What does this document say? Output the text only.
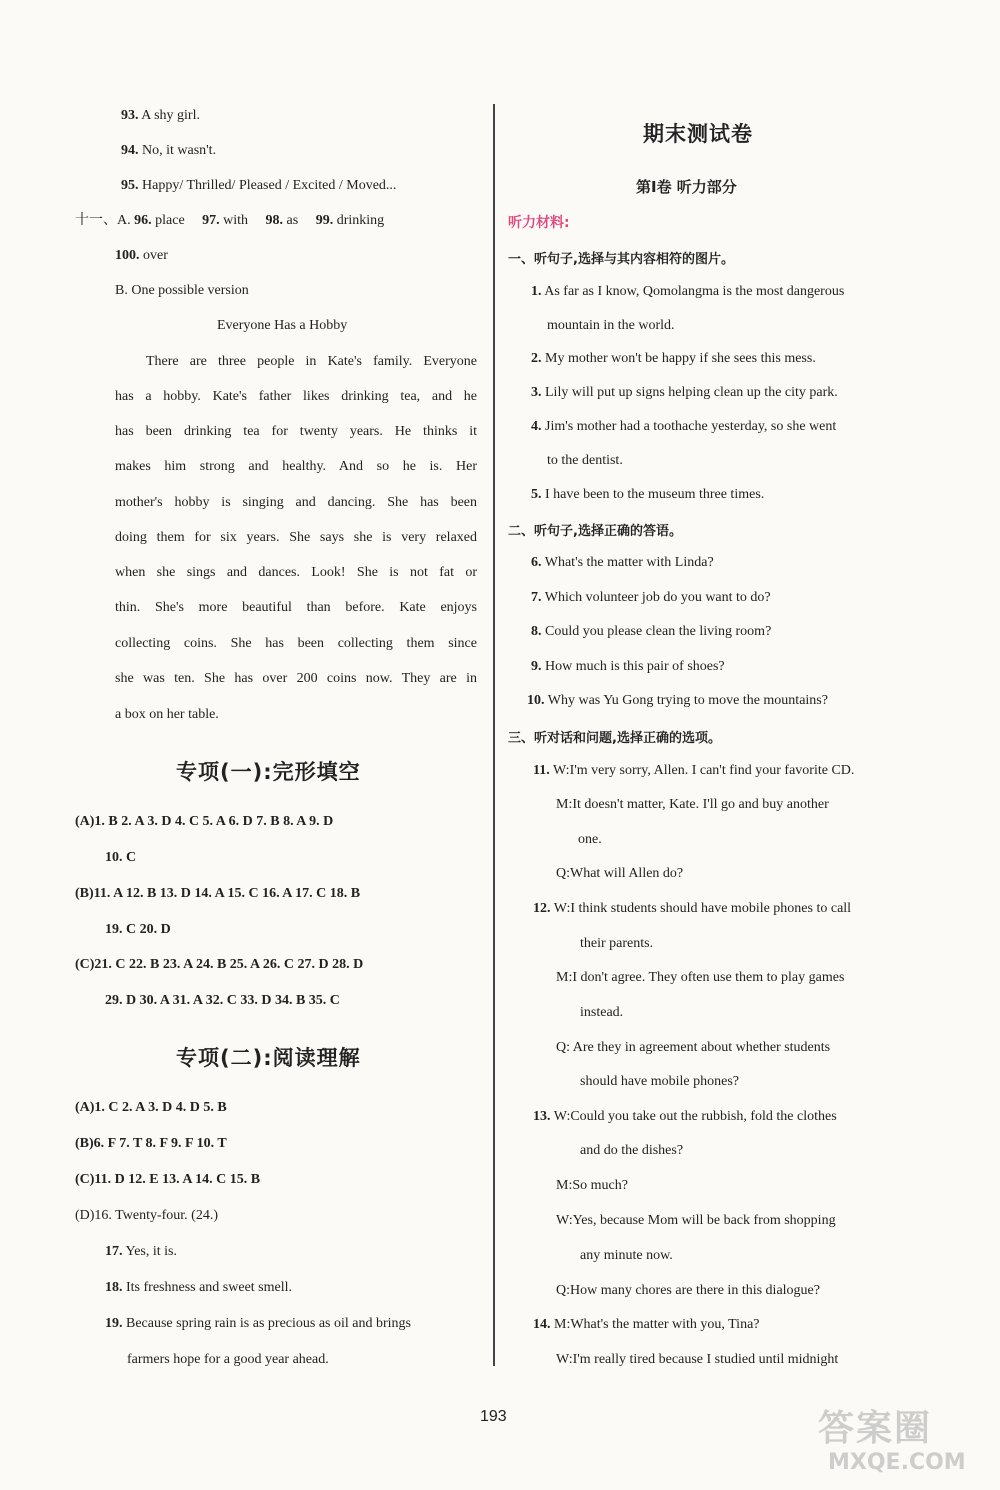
93. A shy girl.
94. No, it wasn't.
95. Happy/ Thrilled/ Pleased / Excited / Moved...
十一、A. 96. place 97. with 98. as 99. drinking
100. over
B. One possible version
Everyone Has a Hobby
There are three people in Kate's family. Everyone
has a hobby. Kate's father likes drinking tea, and he
has been drinking tea for twenty years. He thinks it
makes him strong and healthy. And so he is. Her
mother's hobby is singing and dancing. She has been
doing them for six years. She says she is very relaxed
when she sings and dances. Look! She is not fat or
thin. She's more beautiful than before. Kate enjoys
collecting coins. She has been collecting them since
she was ten. She has over 200 coins now. They are in
a box on her table.
专项(一):完形填空
(A)1. B 2. A 3. D 4. C 5. A 6. D 7. B 8. A 9. D
10. C
(B)11. A 12. B 13. D 14. A 15. C 16. A 17. C 18. B
19. C 20. D
(C)21. C 22. B 23. A 24. B 25. A 26. C 27. D 28. D
29. D 30. A 31. A 32. C 33. D 34. B 35. C
专项(二):阅读理解
(A)1. C 2. A 3. D 4. D 5. B
(B)6. F 7. T 8. F 9. F 10. T
(C)11. D 12. E 13. A 14. C 15. B
(D)16. Twenty-four. (24.)
17. Yes, it is.
18. Its freshness and sweet smell.
19. Because spring rain is as precious as oil and brings
farmers hope for a good year ahead.
期末测试卷
第Ⅰ卷 听力部分
听力材料:
一、听句子,选择与其内容相符的图片。
1. As far as I know, Qomolangma is the most dangerous
mountain in the world.
2. My mother won't be happy if she sees this mess.
3. Lily will put up signs helping clean up the city park.
4. Jim's mother had a toothache yesterday, so she went
to the dentist.
5. I have been to the museum three times.
二、听句子,选择正确的答语。
6. What's the matter with Linda?
7. Which volunteer job do you want to do?
8. Could you please clean the living room?
9. How much is this pair of shoes?
10. Why was Yu Gong trying to move the mountains?
三、听对话和问题,选择正确的选项。
11. W:I'm very sorry, Allen. I can't find your favorite CD.
M:It doesn't matter, Kate. I'll go and buy another
one.
Q:What will Allen do?
12. W:I think students should have mobile phones to call
their parents.
M:I don't agree. They often use them to play games
instead.
Q: Are they in agreement about whether students
should have mobile phones?
13. W:Could you take out the rubbish, fold the clothes
and do the dishes?
M:So much?
W:Yes, because Mom will be back from shopping
any minute now.
Q:How many chores are there in this dialogue?
14. M:What's the matter with you, Tina?
W:I'm really tired because I studied until midnight
193	答案圈
MXQE.COM
